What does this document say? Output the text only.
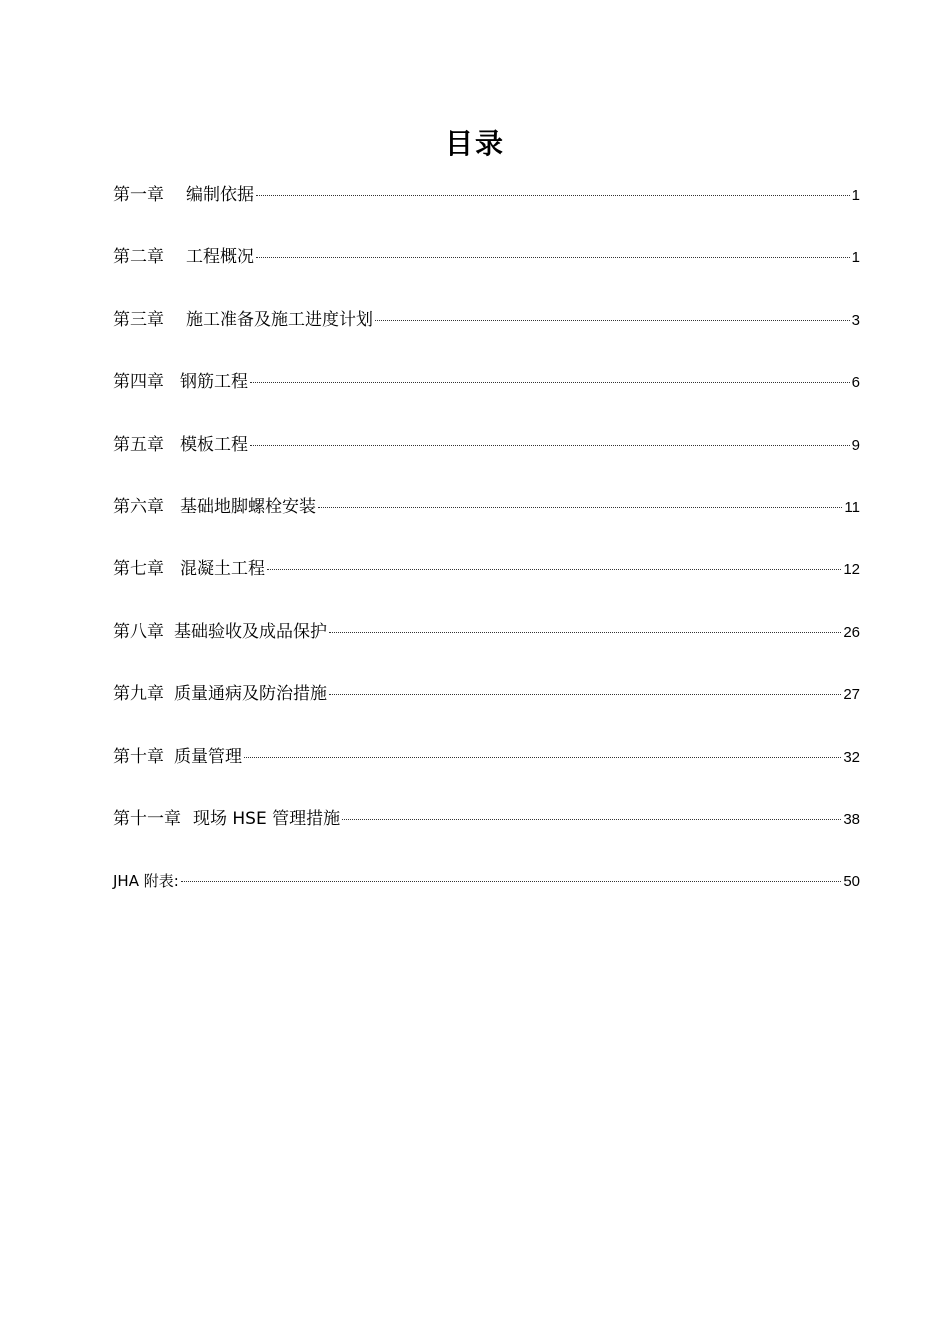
目录
第一章 编制依据	1
第二章 工程概况	1
第三章 施工准备及施工进度计划	3
第四章 钢筋工程	6
第五章 模板工程	9
第六章 基础地脚螺栓安装	11
第七章 混凝土工程	12
第八章 基础验收及成品保护	26
第九章 质量通病及防治措施	27
第十章 质量管理	32
第十一章 现场 HSE 管理措施	38
JHA 附表:	50
